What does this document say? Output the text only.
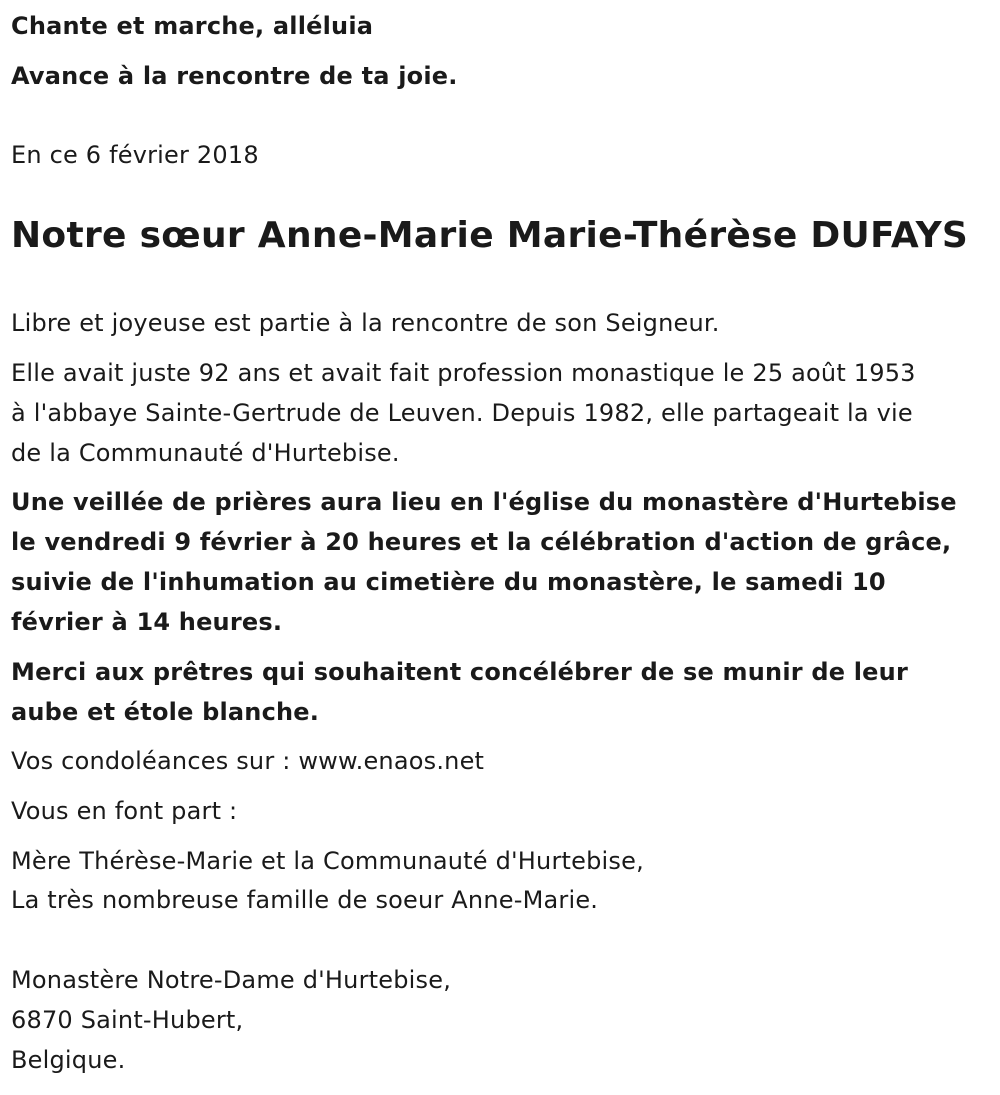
Chante et marche, alléluia
Avance à la rencontre de ta joie.
En ce 6 février 2018
Notre sœur Anne-Marie Marie-Thérèse DUFAYS
Libre et joyeuse est partie à la rencontre de son Seigneur.
Elle avait juste 92 ans et avait fait profession monastique le 25 août 1953
à l'abbaye Sainte-Gertrude de Leuven. Depuis 1982, elle partageait la vie
de la Communauté d'Hurtebise.
Une veillée de prières aura lieu en l'église du monastère d'Hurtebise
le vendredi 9 février à 20 heures et la célébration d'action de grâce,
suivie de l'inhumation au cimetière du monastère, le samedi 10
février à 14 heures.
Merci aux prêtres qui souhaitent concélébrer de se munir de leur
aube et étole blanche.
Vos condoléances sur : www.enaos.net
Vous en font part :
Mère Thérèse-Marie et la Communauté d'Hurtebise,
La très nombreuse famille de soeur Anne-Marie.
Monastère Notre-Dame d'Hurtebise,
6870 Saint-Hubert,
Belgique.
